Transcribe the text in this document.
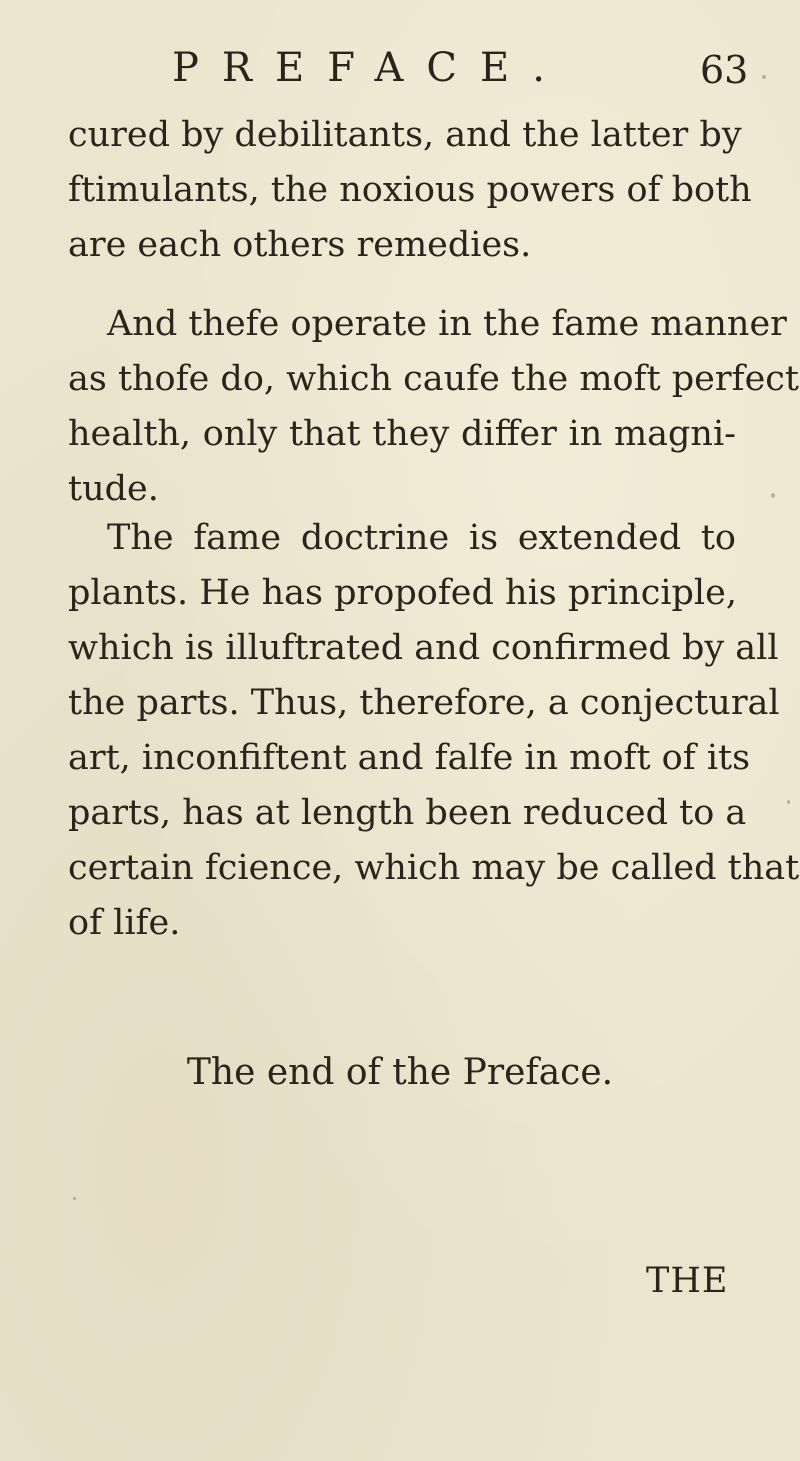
PREFACE.	63
cured by debilitants, and the latter by
ftimulants, the noxious powers of both
are each others remedies.
And thefe operate in the fame manner
as thofe do, which caufe the moft perfect
health, only that they differ in magni-
tude.
The fame doctrine is extended to
plants. He has propofed his principle,
which is illuftrated and confirmed by all
the parts. Thus, therefore, a conjectural
art, inconfiftent and falfe in moft of its
parts, has at length been reduced to a
certain fcience, which may be called that
of life.
The end of the Preface.
THE
